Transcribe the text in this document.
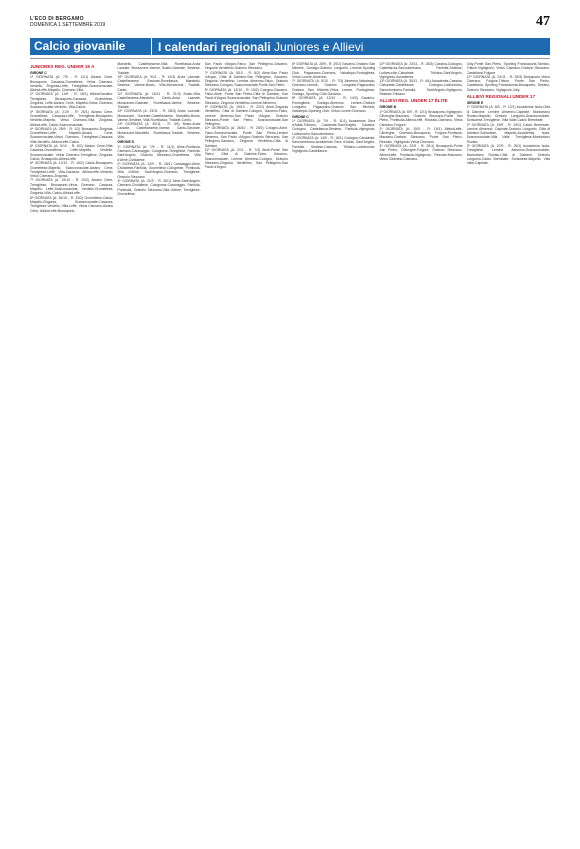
L'ECO DI BERGAMO
DOMENICA 1 SETTEMBRE 2019	47
Calcio giovanile	I calendari regionali Juniores e Allievi
JUNIORES REG. UNDER 19 A
GIRONE C
1ª GIORNATA (A: 7/9 - R: 11/1) Alzano Cene-Brusaporto, Casazza-Grumellese, Virtus Ciserano-Verdello, Zingonia-Leffe, Trevigliese-Scanzorosciate, AlbinoLeffe-Mapello, Ciserano-Villa.
2ª GIORNATA (A: 14/9 - R: 18/1) AlbinoGandino-Trevigliese, Brusaporto-Casazza, Grumellese-Zingonia, Leffe-Alzano Cene, Mapello-Virtus Ciserano, Scanzorosciate-Verdello, Villa-Calcio.
3ª GIORNATA (A: 21/9 - R: 25/1) Alzano Cene-Grumellese, Casazza-Leffe, Trevigliese-Brusaporto, Verdello-Mapello, Virtus Ciserano-Villa, Zingonia-AlbinoLeffe, Calcio-Scanzorosciate.
4ª GIORNATA (A: 28/9 - R: 1/2) Brusaporto-Zingonia, Grumellese-Leffe, Mapello-Alzano Cene, Scanzorosciate-Virtus Ciserano, Trevigliese-Casazza, Villa-Verdello, AlbinoLeffe-Calcio.
5ª GIORNATA (A: 5/10 - R: 8/2) Alzano Cene-Villa, Casazza-Grumellese, Leffe-Mapello, Verdello-Scanzorosciate, Virtus Ciserano-Trevigliese, Zingonia-Calcio, Brusaporto-AlbinoLeffe.
6ª GIORNATA (A: 12/10 - R: 15/2) Calcio-Brusaporto, Grumellese-Mapello, Scanzorosciate-Alzano Cene, Trevigliese-Leffe, Villa-Casazza, AlbinoLeffe-Verdello, Virtus Ciserano-Zingonia.
7ª GIORNATA (A: 19/10 - R: 22/2) Alzano Cene-Trevigliese, Brusaporto-Virtus Ciserano, Casazza-Mapello, Leffe-Scanzorosciate, Verdello-Grumellese, Zingonia-Villa, Calcio-AlbinoLeffe.
8ª GIORNATA (A: 26/10 - R: 29/2) Grumellese-Calcio, Mapello-Zingonia, Scanzorosciate-Casazza, Trevigliese-Verdello, Villa-Leffe, Virtus Ciserano-Alzano Cene, AlbinoLeffe-Brusaporto.
Mandello, Castellanzese-Villa, Rovellasca-Ardor Lazzate, Morazzone-Varese, Bosto-Gavirate, Sestese-Tradate.
10ª GIORNATA (A: 9/11 - R: 14/3) Ardor Lazzate-Castellanzese, Gavirate-Rovellasca, Mandello-Sestese, Varese-Bosto, Villa-Morazzone, Tradate-Cantù.
11ª GIORNATA (A: 16/11 - R: 21/3) Bosto-Villa, Castellanzese-Mandello, Cantù-Ardor Lazzate, Morazzone-Gavirate, Rovellasca-Varese, Sestese-Tradate.
12ª GIORNATA (A: 23/11 - R: 28/3) Ardor Lazzate-Morazzone, Gavirate-Castellanzese, Mandello-Bosto, Varese-Sestese, Villa-Rovellasca, Tradate-Cantù.
13ª GIORNATA (A: 30/11 - R: 4/4) Bosto-Ardor Lazzate, Castellanzese-Varese, Cantù-Gavirate, Morazzone-Mandello, Rovellasca-Tradate, Sestese-Villa.
GIRONE D
1ª GIORNATA (A: 7/9 - R: 11/1) Alme-Pontisola, Ciserano-Caravaggio, Colognese-Trevigliese, Fanfulla-Sant'Angelo, Oratorio Stezzano-Grumellese, Villa d'Almè-Cividatese.
2ª GIORNATA (A: 14/9 - R: 18/1) Caravaggio-Alme, Cividatese-Fanfulla, Grumellese-Colognese, Pontisola-Villa d'Almè, Sant'Angelo-Ciserano, Trevigliese-Oratorio Stezzano.
3ª GIORNATA (A: 21/9 - R: 25/1) Alme-Sant'Angelo, Ciserano-Cividatese, Colognese-Caravaggio, Fanfulla-Pontisola, Oratorio Stezzano-Villa d'Almè, Trevigliese-Grumellese.
San Paolo d'Argon-Falco, San Pellegrino-Gavarno, Zingonia Verdellino-Oratorio Stezzano.
7ª GIORNATA (A: 5/10 - R: 8/2) Almè-San Paolo d'Argon, Città di Dalmine-San Pellegrino, Gavarno-Zingonia Verdellino, Lemine Almenno-Falco, Oratorio Stezzano-Cologno, Scanzorosciate-Ponte San Pietro.
8ª GIORNATA (A: 12/10 - R: 15/2) Cologno-Gavarno, Falco-Almè, Ponte San Pietro-Città di Dalmine, San Paolo d'Argon-Scanzorosciate, San Pellegrino-Oratorio Stezzano, Zingonia Verdellino-Lemine Almenno.
9ª GIORNATA (A: 19/10 - R: 22/2) Almè-Zingonia Verdellino, Città di Dalmine-Cologno, Gavarno-Falco, Lemine Almenno-San Paolo d'Argon, Oratorio Stezzano-Ponte San Pietro, Scanzorosciate-San Pellegrino.
10ª GIORNATA (A: 26/10 - R: 29/2) Cologno-Almè, Falco-Scanzorosciate, Ponte San Pietro-Lemine Almenno, San Paolo d'Argon-Oratorio Stezzano, San Pellegrino-Gavarno, Zingonia Verdellino-Città di Dalmine.
11ª GIORNATA (A: 2/11 - R: 7/3) Almè-Ponte San Pietro, Città di Dalmine-Falco, Gavarno-Scanzorosciate, Lemine Almenno-Cologno, Oratorio Stezzano-Zingonia Verdellino, San Pellegrino-San Paolo d'Argon.
6ª GIORNATA (A: 28/9 - R: 29/2) Gavarno-Oratorio San Michele, Gorlago-Oratorio Longuelo, Lemine-Sporting Club, Pagazzano-Ciserano, Valcalepio-Pontogliese, Virtus Lovere-Almenno.
7ª GIORNATA (A: 5/10 - R: 7/3) Almenno-Valcalepio, Ciserano-Lemine, Oratorio Longuelo-Pagazzano, Oratorio San Michele-Virtus Lovere, Pontogliese-Gorlago, Sporting Club-Gavarno.
8ª GIORNATA (A: 12/10 - R: 14/3) Gavarno-Pontogliese, Gorlago-Almenno, Lemine-Oratorio Longuelo, Pagazzano-Oratorio San Michele, Valcalepio-Sporting Club, Virtus Lovere-Ciserano.
GIRONE C
1ª GIORNATA (A: 7/9 - R: 11/1) Accademia Gera d'Adda-Tribiano, Calvairate-Sant'Angelo, Cassina-Codogno, Castellanza-Sestese, Fanfulla-Vighignolo, Lodivecchio-Sancolombano.
2ª GIORNATA (A: 14/9 - R: 18/1) Codogno-Calvairate, Sancolombano-Accademia Gera d'Adda, Sant'Angelo-Fanfulla, Sestese-Cassina, Tribiano-Lodivecchio, Vighignolo-Castellanza.
12ª GIORNATA (A: 23/11 - R: 28/3) Cassina-Codogno, Castellanza-Sancolombano, Fanfulla-Sestese, Lodivecchio-Calvairate, Tribiano-Sant'Angelo, Vighignolo-Accademia.
13ª GIORNATA (A: 30/11 - R: 4/4) Accademia-Cassina, Calvairate-Castellanza, Codogno-Lodivecchio, Sancolombano-Fanfulla, Sant'Angelo-Vighignolo, Sestese-Tribiano.
ALLIEVI REG. UNDER 17 ÉLITE
GIRONE B
1ª GIORNATA (A: 8/9 - R: 12/1) Brusaporto-Vighignolo, Ciliverghe-Mazzano, Oratorio Stezzano-Ponte San Pietro, Pontisola-AlbinoLeffe, Rezzato-Ciserano, Virtus Ciserano-Folgore.
2ª GIORNATA (A: 15/9 - R: 19/1) AlbinoLeffe-Ciliverghe, Ciserano-Brusaporto, Folgore-Pontisola, Mazzano-Oratorio Stezzano, Ponte San Pietro-Rezzato, Vighignolo-Virtus Ciserano.
3ª GIORNATA (A: 22/9 - R: 26/1) Brusaporto-Ponte San Pietro, Ciliverghe-Folgore, Oratorio Stezzano-AlbinoLeffe, Pontisola-Vighignolo, Rezzato-Mazzano, Virtus Ciserano-Ciserano.
Jolly-Ponte San Pietro, Sporting Franciacorta-Tamisio, Tritium-Vighignolo, Virtus Ciserano-Oratorio Stezzano, Castellana-Folgore.
12ª GIORNATA (A: 24/11 - R: 29/3) Brusaporto-Virtus Ciserano, Folgore-Tritium, Ponte San Pietro-Castellana, Sporting Franciacorta-Brusaporto, Tamisio-Oratorio Stezzano, Vighignolo-Jolly.
ALLIEVI REGIONALI UNDER 17
GIRONE E
1ª GIORNATA (A: 8/9 - R: 12/1) Accademia Isola-Città di Dalmine, Lemine Almenno-Capriate, Montorfano Rovato-Mapello, Oratorio Longuelo-Scanzorosciate, Sorisolese-Trevigliese, Villa Valle-Calcio Brembate.
2ª GIORNATA (A: 15/9 - R: 19/1) Calcio Brembate-Lemine Almenno, Capriate-Oratorio Longuelo, Città di Dalmine-Sorisolese, Mapello-Accademia Isola, Scanzorosciate-Villa Valle, Trevigliese-Montorfano Rovato.
3ª GIORNATA (A: 22/9 - R: 26/1) Accademia Isola-Trevigliese, Lemine Almenno-Scanzorosciate, Montorfano Rovato-Città di Dalmine, Oratorio Longuelo-Calcio Brembate, Sorisolese-Mapello, Villa Valle-Capriate.
